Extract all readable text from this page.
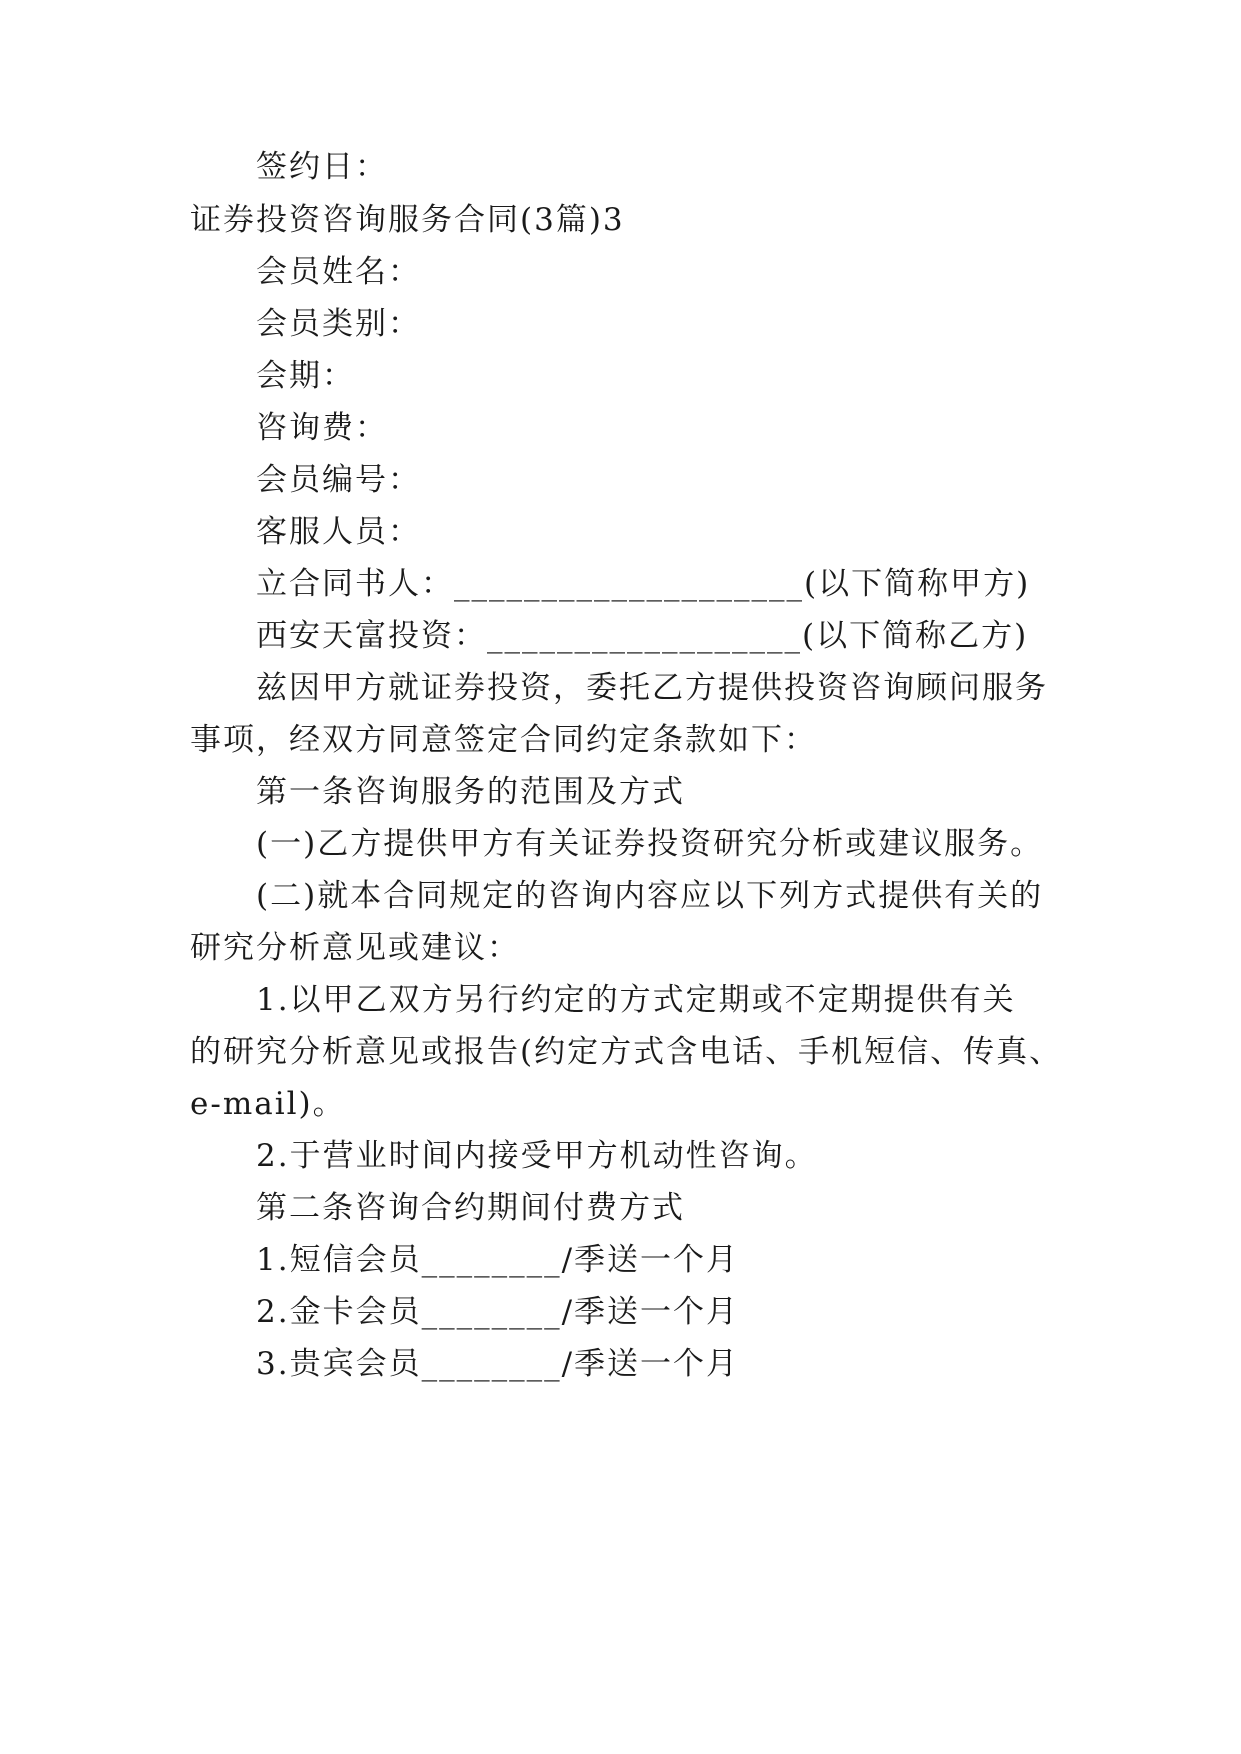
签约日：
证券投资咨询服务合同(3篇)3
会员姓名：
会员类别：
会期：
咨询费：
会员编号：
客服人员：
立合同书人：____________________(以下简称甲方)
西安天富投资：__________________(以下简称乙方)
兹因甲方就证券投资，委托乙方提供投资咨询顾问服务
事项，经双方同意签定合同约定条款如下：
第一条咨询服务的范围及方式
(一)乙方提供甲方有关证券投资研究分析或建议服务。
(二)就本合同规定的咨询内容应以下列方式提供有关的
研究分析意见或建议：
1.以甲乙双方另行约定的方式定期或不定期提供有关
的研究分析意见或报告(约定方式含电话、手机短信、传真、
e-mail)。
2.于营业时间内接受甲方机动性咨询。
第二条咨询合约期间付费方式
1.短信会员________/季送一个月
2.金卡会员________/季送一个月
3.贵宾会员________/季送一个月
